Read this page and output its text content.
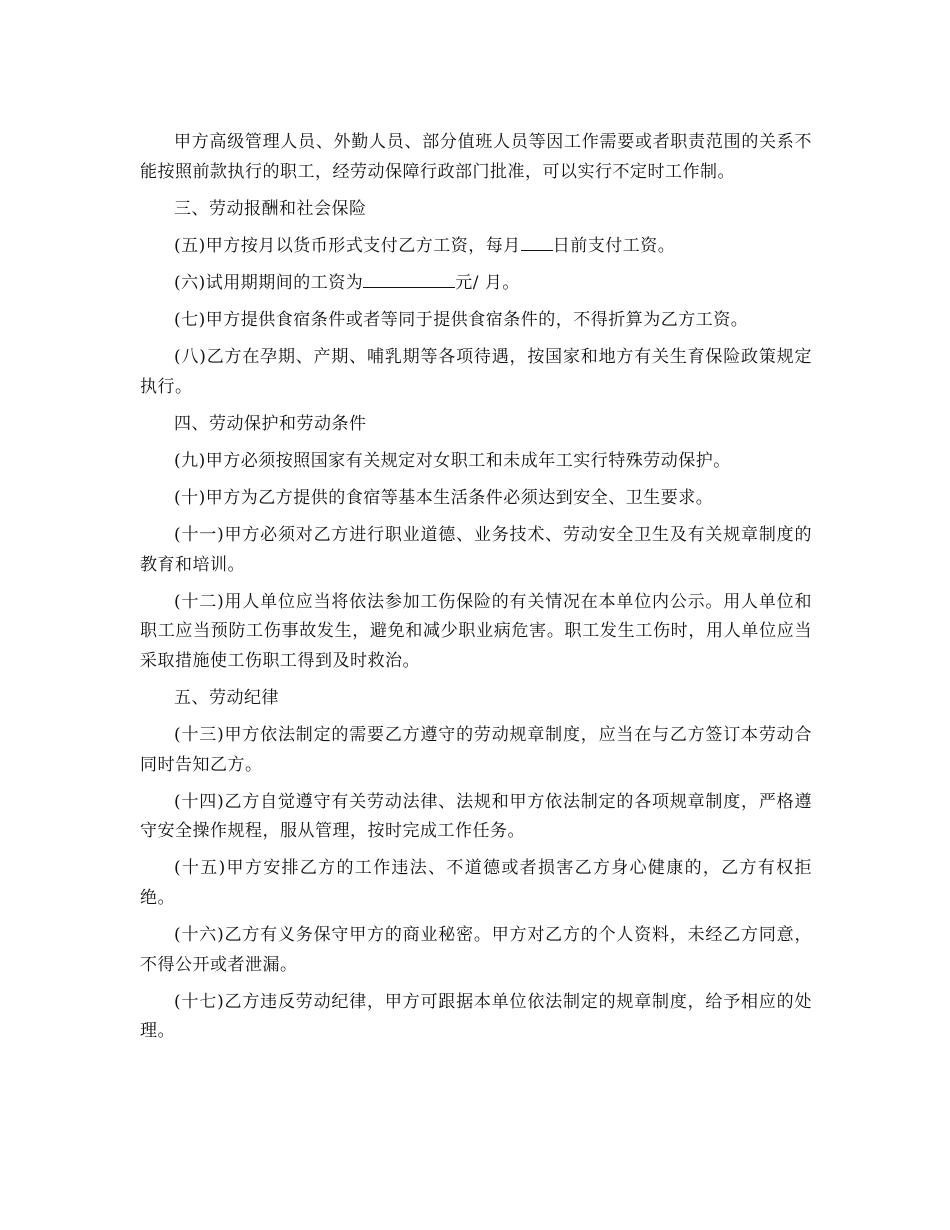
甲方高级管理人员、外勤人员、部分值班人员等因工作需要或者职责范围的关系不能按照前款执行的职工，经劳动保障行政部门批准，可以实行不定时工作制。

三、劳动报酬和社会保险

(五)甲方按月以货币形式支付乙方工资，每月 日前支付工资。

(六)试用期期间的工资为	元/ 月。

(七)甲方提供食宿条件或者等同于提供食宿条件的，不得折算为乙方工资。

(八)乙方在孕期、产期、哺乳期等各项待遇，按国家和地方有关生育保险政策规定执行。

四、劳动保护和劳动条件

(九)甲方必须按照国家有关规定对女职工和未成年工实行特殊劳动保护。

(十)甲方为乙方提供的食宿等基本生活条件必须达到安全、卫生要求。

(十一)甲方必须对乙方进行职业道德、业务技术、劳动安全卫生及有关规章制度的教育和培训。

(十二)用人单位应当将依法参加工伤保险的有关情况在本单位内公示。用人单位和职工应当预防工伤事故发生，避免和减少职业病危害。职工发生工伤时，用人单位应当采取措施使工伤职工得到及时救治。

五、劳动纪律

(十三)甲方依法制定的需要乙方遵守的劳动规章制度，应当在与乙方签订本劳动合同时告知乙方。

(十四)乙方自觉遵守有关劳动法律、法规和甲方依法制定的各项规章制度，严格遵守安全操作规程，服从管理，按时完成工作任务。

(十五)甲方安排乙方的工作违法、不道德或者损害乙方身心健康的，乙方有权拒绝。

(十六)乙方有义务保守甲方的商业秘密。甲方对乙方的个人资料，未经乙方同意，不得公开或者泄漏。

(十七)乙方违反劳动纪律，甲方可跟据本单位依法制定的规章制度，给予相应的处理。
